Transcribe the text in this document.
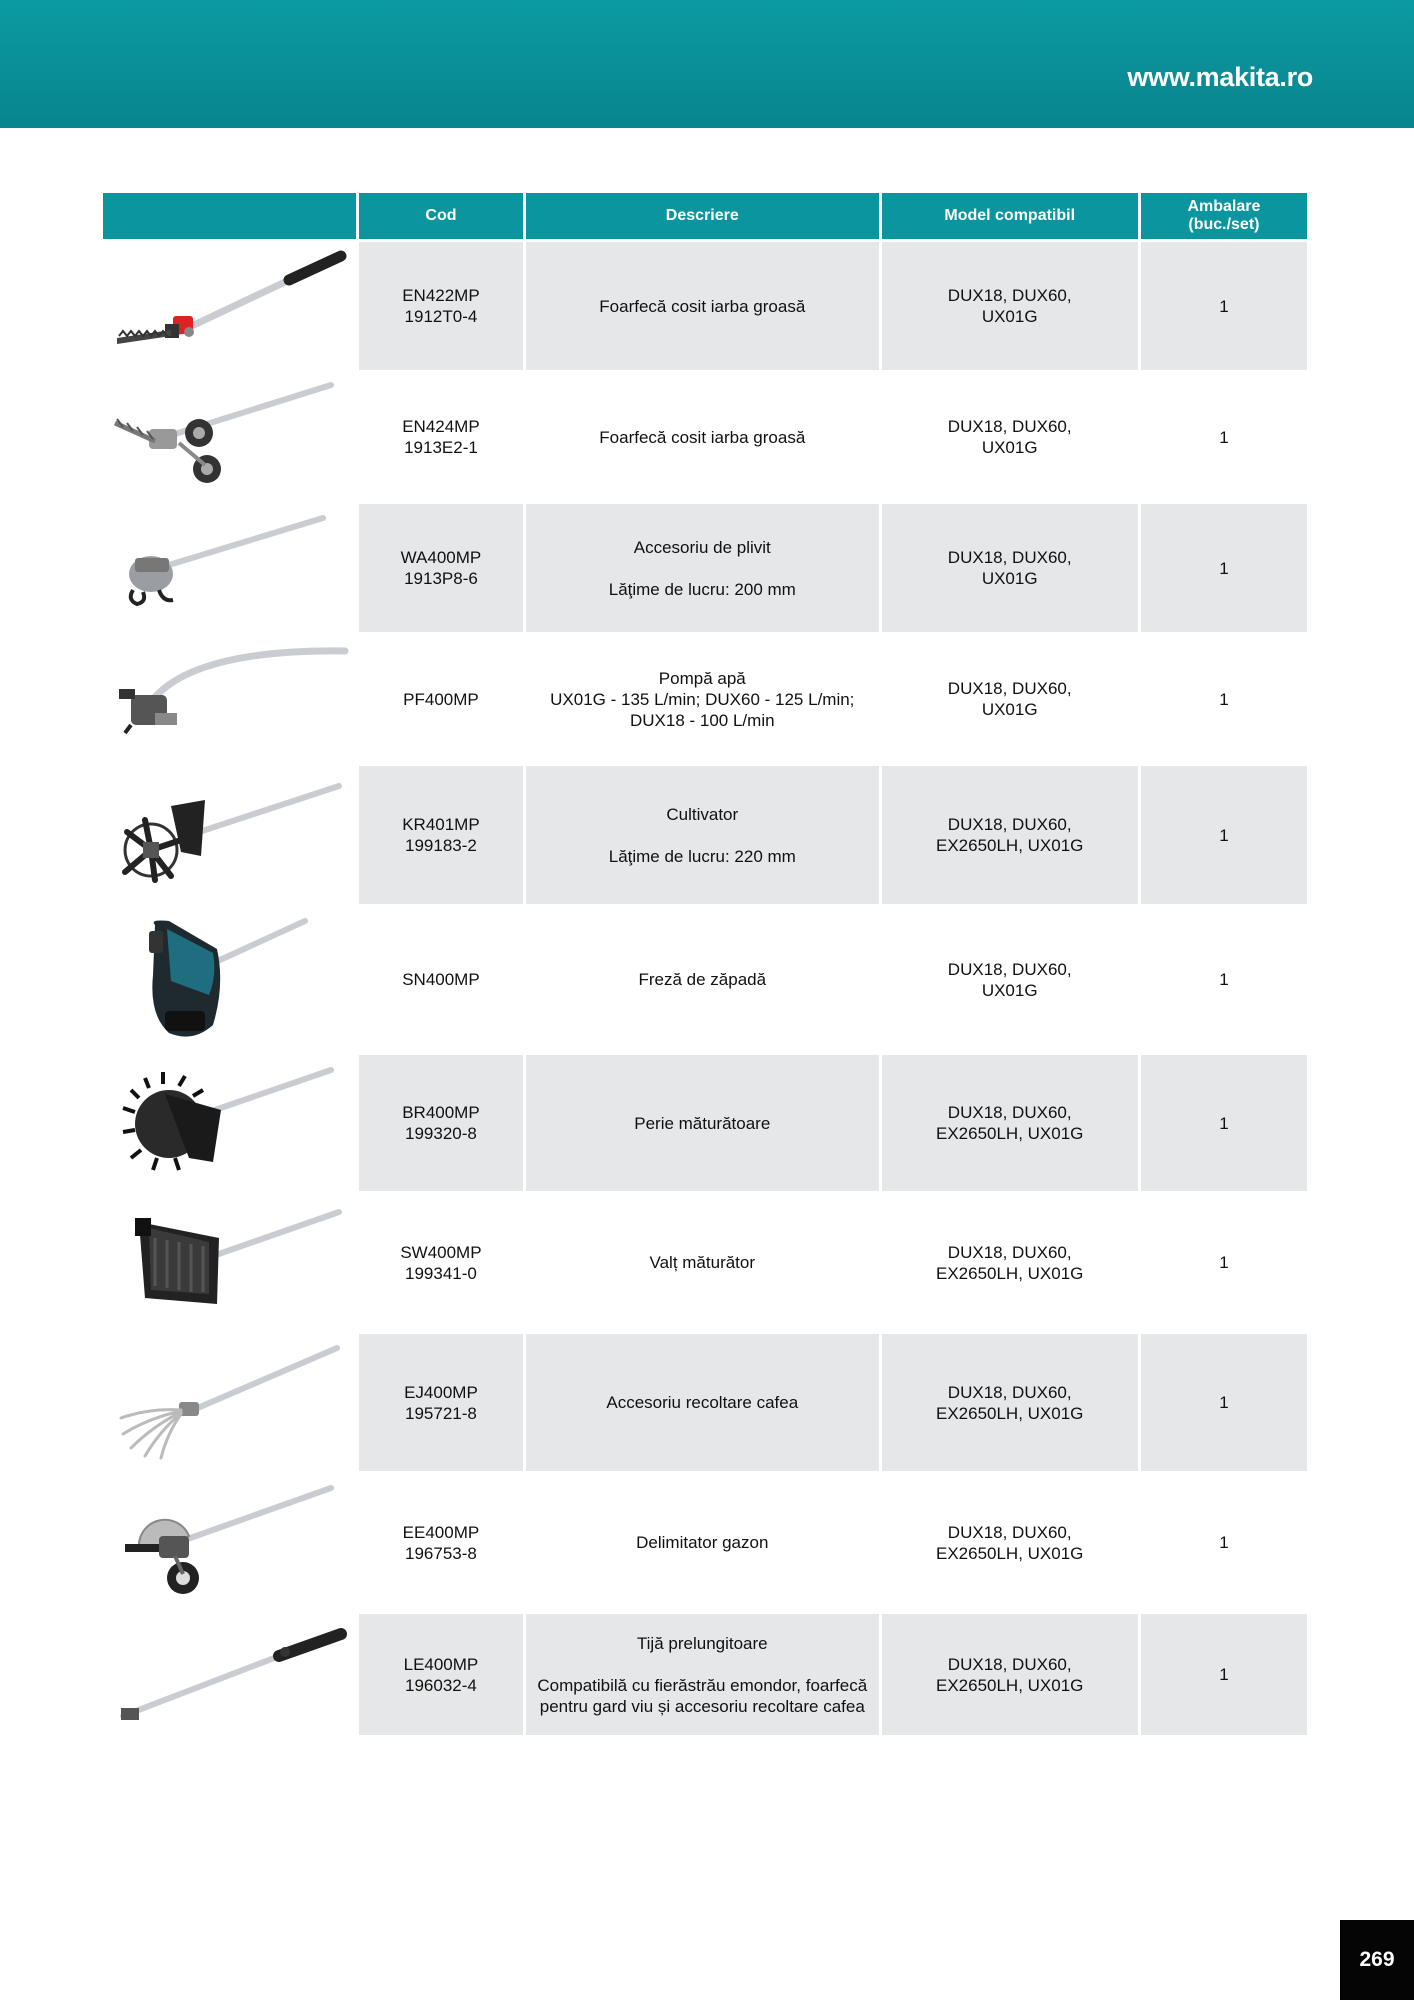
www.makita.ro
	Cod	Descriere	Model compatibil	Ambalare
(buc./set)

EN422MP
1912T0-4	Foarfecă cosit iarba groasă	DUX18, DUX60,
UX01G	1

EN424MP
1913E2-1	Foarfecă cosit iarba groasă	DUX18, DUX60,
UX01G	1

WA400MP
1913P8-6	Accesoriu de plivit
Lăţime de lucru: 200 mm	DUX18, DUX60,
UX01G	1

PF400MP	Pompă apă
UX01G - 135 L/min; DUX60 - 125 L/min;
DUX18 - 100 L/min	DUX18, DUX60,
UX01G	1

KR401MP
199183-2	Cultivator
Lăţime de lucru: 220 mm	DUX18, DUX60,
EX2650LH, UX01G	1

SN400MP	Freză de zăpadă	DUX18, DUX60,
UX01G	1

BR400MP
199320-8	Perie măturătoare	DUX18, DUX60,
EX2650LH, UX01G	1

SW400MP
199341-0	Valț măturător	DUX18, DUX60,
EX2650LH, UX01G	1

EJ400MP
195721-8	Accesoriu recoltare cafea	DUX18, DUX60,
EX2650LH, UX01G	1

EE400MP
196753-8	Delimitator gazon	DUX18, DUX60,
EX2650LH, UX01G	1

LE400MP
196032-4	Tijă prelungitoare
Compatibilă cu fierăstrău emondor, foarfecă
pentru gard viu și accesoriu recoltare cafea	DUX18, DUX60,
EX2650LH, UX01G	1
269
